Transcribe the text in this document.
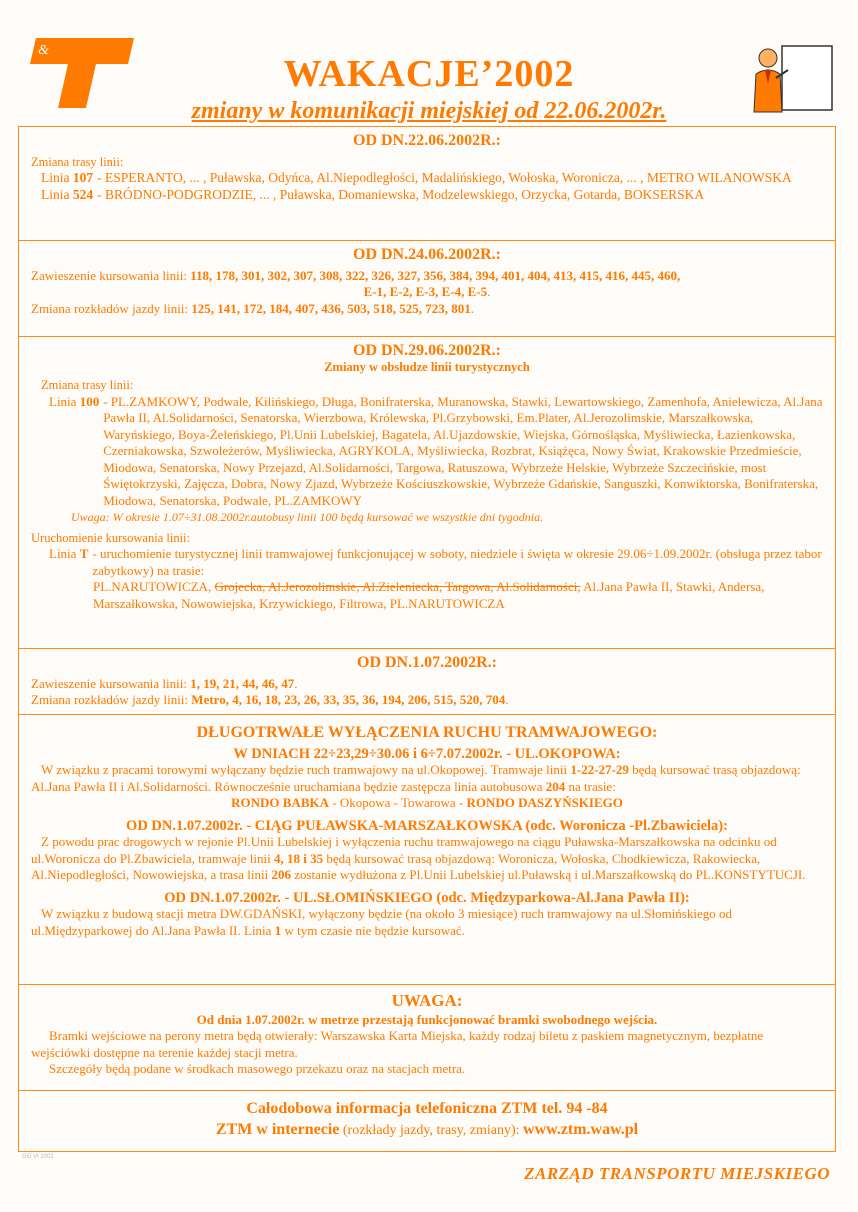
&
WAKACJE’2002
zmiany w komunikacji miejskiej od 22.06.2002r.
OD DN.22.06.2002R.:
Zmiana trasy linii:
Linia 107 - ESPERANTO, ... , Puławska, Odyńca, Al.Niepodległości, Madalińskiego, Wołoska, Woronicza, ... , METRO WILANOWSKA
Linia 524 - BRÓDNO-PODGRODZIE, ... , Puławska, Domaniewska, Modzelewskiego, Orzycka, Gotarda, BOKSERSKA
OD DN.24.06.2002R.:
Zawieszenie kursowania linii: 118, 178, 301, 302, 307, 308, 322, 326, 327, 356, 384, 394, 401, 404, 413, 415, 416, 445, 460,
E-1, E-2, E-3, E-4, E-5.
Zmiana rozkładów jazdy linii: 125, 141, 172, 184, 407, 436, 503, 518, 525, 723, 801.
OD DN.29.06.2002R.:
Zmiany w obsłudze linii turystycznych
Zmiana trasy linii:
Linia 100 - PL.ZAMKOWY, Podwale, Kilińskiego, Długa, Bonifraterska, Muranowska, Stawki, Lewartowskiego, Zamenhofa, Anielewicza, Al.Jana Pawła II, Al.Solidarności, Senatorska, Wierzbowa, Królewska, Pl.Grzybowski, Em.Plater, Al.Jerozolimskie, Marszałkowska, Waryńskiego, Boya-Żeleńskiego, Pl.Unii Lubelskiej, Bagatela, Al.Ujazdowskie, Wiejska, Górnośląska, Myśliwiecka, Łazienkowska, Czerniakowska, Szwoleżerów, Myśliwiecka, AGRYKOLA, Myśliwiecka, Rozbrat, Książęca, Nowy Świat, Krakowskie Przedmieście, Miodowa, Senatorska, Nowy Przejazd, Al.Solidarności, Targowa, Ratuszowa, Wybrzeże Helskie, Wybrzeże Szczecińskie, most Świętokrzyski, Zajęcza, Dobra, Nowy Zjazd, Wybrzeże Kościuszkowskie, Wybrzeże Gdańskie, Sanguszki, Konwiktorska, Bonifraterska, Miodowa, Senatorska, Podwale, PL.ZAMKOWY
Uwaga: W okresie 1.07÷31.08.2002r.autobusy linii 100 będą kursować we wszystkie dni tygodnia.
Uruchomienie kursowania linii:
Linia T - uruchomienie turystycznej linii tramwajowej funkcjonującej w soboty, niedziele i święta w okresie 29.06÷1.09.2002r. (obsługa przez tabor zabytkowy) na trasie:
PL.NARUTOWICZA, Grojecka, Al.Jerozolimskie, Al.Zieleniecka, Targowa, Al.Solidarności, Al.Jana Pawła II, Stawki, Andersa, Marszałkowska, Nowowiejska, Krzywickiego, Filtrowa, PL.NARUTOWICZA
OD DN.1.07.2002R.:
Zawieszenie kursowania linii: 1, 19, 21, 44, 46, 47.
Zmiana rozkładów jazdy linii: Metro, 4, 16, 18, 23, 26, 33, 35, 36, 194, 206, 515, 520, 704.
DŁUGOTRWAŁE WYŁĄCZENIA RUCHU TRAMWAJOWEGO:
W DNIACH 22÷23,29÷30.06 i 6÷7.07.2002r. - UL.OKOPOWA:
W związku z pracami torowymi wyłączany będzie ruch tramwajowy na ul.Okopowej. Tramwaje linii 1-22-27-29 będą kursować trasą objazdową: Al.Jana Pawła II i Al.Solidarności. Równocześnie uruchamiana będzie zastępcza linia autobusowa 204 na trasie:
RONDO BABKA - Okopowa - Towarowa - RONDO DASZYŃSKIEGO
OD DN.1.07.2002r. - CIĄG PUŁAWSKA-MARSZAŁKOWSKA (odc. Woronicza -Pl.Zbawiciela):
Z powodu prac drogowych w rejonie Pl.Unii Lubelskiej i wyłączenia ruchu tramwajowego na ciągu Puławska-Marszałkowska na odcinku od ul.Woronicza do Pl.Zbawiciela, tramwaje linii 4, 18 i 35 będą kursować trasą objazdową: Woronicza, Wołoska, Chodkiewicza, Rakowiecka, Al.Niepodległości, Nowowiejska, a trasa linii 206 zostanie wydłużona z Pl.Unii Lubelskiej ul.Puławską i ul.Marszałkowską do PL.KONSTYTUCJI.
OD DN.1.07.2002r. - UL.SŁOMIŃSKIEGO (odc. Międzyparkowa-Al.Jana Pawła II):
W związku z budową stacji metra DW.GDAŃSKI, wyłączony będzie (na około 3 miesiące) ruch tramwajowy na ul.Słomińskiego od ul.Międzyparkowej do Al.Jana Pawła II. Linia 1 w tym czasie nie będzie kursować.
UWAGA:
Od dnia 1.07.2002r. w metrze przestają funkcjonować bramki swobodnego wejścia.
Bramki wejściowe na perony metra będą otwierały: Warszawska Karta Miejska, każdy rodzaj biletu z paskiem magnetycznym, bezpłatne wejściówki dostępne na terenie każdej stacji metra.
Szczegóły będą podane w środkach masowego przekazu oraz na stacjach metra.
Całodobowa informacja telefoniczna ZTM tel. 94 -84
ZTM w internecie (rozkłady jazdy, trasy, zmiany): www.ztm.waw.pl
GG VI 2002
ZARZĄD TRANSPORTU MIEJSKIEGO
